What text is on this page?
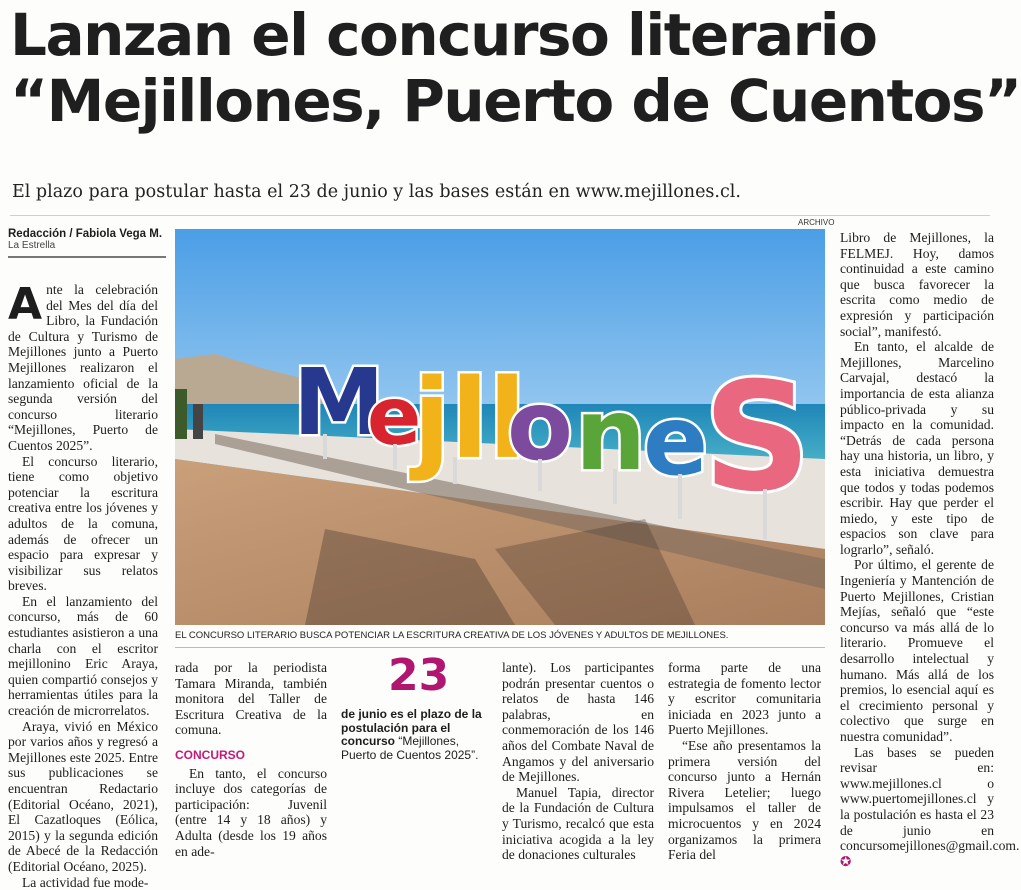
Lanzan el concurso literario
“Mejillones, Puerto de Cuentos”
El plazo para postular hasta el 23 de junio y las bases están en www.mejillones.cl.
Redacción / Fabiola Vega M.
La Estrella
ARCHIVO

Ante la celebración del Mes del día del Libro, la Fundación de Cultura y Turismo de Mejillones junto a Puerto Mejillones realizaron el lanzamiento oficial de la segunda versión del concurso literario “Mejillones, Puerto de Cuentos 2025”.

El concurso literario, tiene como objetivo potenciar la escritura creativa entre los jóvenes y adultos de la comuna, además de ofrecer un espacio para expresar y visibilizar sus relatos breves.

En el lanzamiento del concurso, más de 60 estudiantes asistieron a una charla con el escritor mejillonino Eric Araya, quien compartió consejos y herramientas útiles para la creación de microrrelatos.

Araya, vivió en México por varios años y regresó a Mejillones este 2025. Entre sus publicaciones se encuentran Redactario (Editorial Océano, 2021), El Cazatloques (Eólica, 2015) y la segunda edición de Abecé de la Redacción (Editorial Océano, 2025).

La actividad fue mode-

M
e
jll
o n
e
S
EL CONCURSO LITERARIO BUSCA POTENCIAR LA ESCRITURA CREATIVA DE LOS JÓVENES Y ADULTOS DE MEJILLONES.

rada por la periodista Tamara Miranda, también monitora del Taller de Escritura Creativa de la comuna.

CONCURSO

En tanto, el concurso incluye dos categorías de participación: Juvenil (entre 14 y 18 años) y Adulta (desde los 19 años en ade-

23
de junio es el plazo de la postulación para el concurso “Mejillones, Puerto de Cuentos 2025”.

lante). Los participantes podrán presentar cuentos o relatos de hasta 146 palabras, en conmemoración de los 146 años del Combate Naval de Angamos y del aniversario de Mejillones.

Manuel Tapia, director de la Fundación de Cultura y Turismo, recalcó que esta iniciativa acogida a la ley de donaciones culturales

forma parte de una estrategia de fomento lector y escritor comunitaria iniciada en 2023 junto a Puerto Mejillones.

“Ese año presentamos la primera versión del concurso junto a Hernán Rivera Letelier; luego impulsamos el taller de microcuentos y en 2024 organizamos la primera Feria del

Libro de Mejillones, la FELMEJ. Hoy, damos continuidad a este camino que busca favorecer la escrita como medio de expresión y participación social”, manifestó.

En tanto, el alcalde de Mejillones, Marcelino Carvajal, destacó la importancia de esta alianza público-privada y su impacto en la comunidad. “Detrás de cada persona hay una historia, un libro, y esta iniciativa demuestra que todos y todas podemos escribir. Hay que perder el miedo, y este tipo de espacios son clave para lograrlo”, señaló.

Por último, el gerente de Ingeniería y Mantención de Puerto Mejillones, Cristian Mejías, señaló que “este concurso va más allá de lo literario. Promueve el desarrollo intelectual y humano. Más allá de los premios, lo esencial aquí es el crecimiento personal y colectivo que surge en nuestra comunidad”.

Las bases se pueden revisar en: www.mejillones.cl o www.puertomejillones.cl y la postulación es hasta el 23 de junio en concursomejillones@gmail.com. ✪
